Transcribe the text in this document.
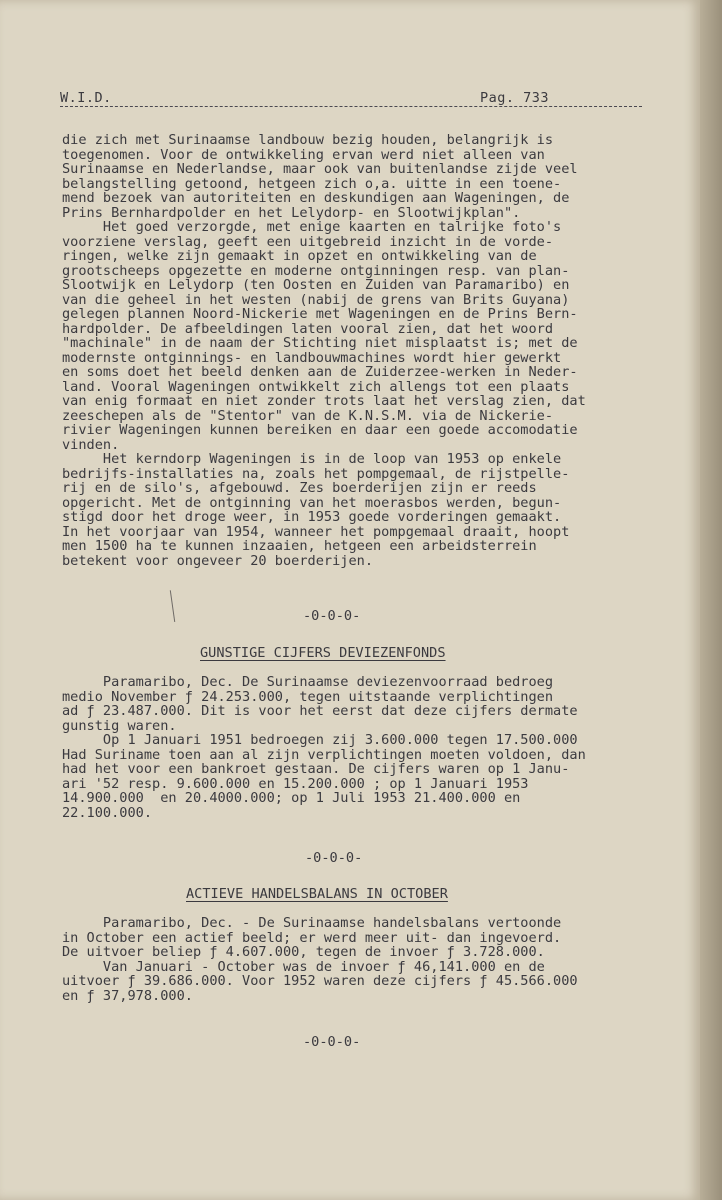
W.I.D.	Pag. 733
die zich met Surinaamse landbouw bezig houden, belangrijk is
toegenomen. Voor de ontwikkeling ervan werd niet alleen van
Surinaamse en Nederlandse, maar ook van buitenlandse zijde veel
belangstelling getoond, hetgeen zich o,a. uitte in een toene-
mend bezoek van autoriteiten en deskundigen aan Wageningen, de
Prins Bernhardpolder en het Lelydorp- en Slootwijkplan".
Het goed verzorgde, met enige kaarten en talrijke foto's
voorziene verslag, geeft een uitgebreid inzicht in de vorde-
ringen, welke zijn gemaakt in opzet en ontwikkeling van de
grootscheeps opgezette en moderne ontginningen resp. van plan-
Slootwijk en Lelydorp (ten Oosten en Zuiden van Paramaribo) en
van die geheel in het westen (nabij de grens van Brits Guyana)
gelegen plannen Noord-Nickerie met Wageningen en de Prins Bern-
hardpolder. De afbeeldingen laten vooral zien, dat het woord
"machinale" in de naam der Stichting niet misplaatst is; met de
modernste ontginnings- en landbouwmachines wordt hier gewerkt
en soms doet het beeld denken aan de Zuiderzee-werken in Neder-
land. Vooral Wageningen ontwikkelt zich allengs tot een plaats
van enig formaat en niet zonder trots laat het verslag zien, dat
zeeschepen als de "Stentor" van de K.N.S.M. via de Nickerie-
rivier Wageningen kunnen bereiken en daar een goede accomodatie
vinden.
Het kerndorp Wageningen is in de loop van 1953 op enkele
bedrijfs-installaties na, zoals het pompgemaal, de rijstpelle-
rij en de silo's, afgebouwd. Zes boerderijen zijn er reeds
opgericht. Met de ontginning van het moerasbos werden, begun-
stigd door het droge weer, in 1953 goede vorderingen gemaakt.
In het voorjaar van 1954, wanneer het pompgemaal draait, hoopt
men 1500 ha te kunnen inzaaien, hetgeen een arbeidsterrein
betekent voor ongeveer 20 boerderijen.
-0-0-0-
GUNSTIGE CIJFERS DEVIEZENFONDS
Paramaribo, Dec. De Surinaamse deviezenvoorraad bedroeg
medio November ƒ 24.253.000, tegen uitstaande verplichtingen
ad ƒ 23.487.000. Dit is voor het eerst dat deze cijfers dermate
gunstig waren.
Op 1 Januari 1951 bedroegen zij 3.600.000 tegen 17.500.000
Had Suriname toen aan al zijn verplichtingen moeten voldoen, dan
had het voor een bankroet gestaan. De cijfers waren op 1 Janu-
ari '52 resp. 9.600.000 en 15.200.000 ; op 1 Januari 1953
14.900.000  en 20.4000.000; op 1 Juli 1953 21.400.000 en
22.100.000.
-0-0-0-
ACTIEVE HANDELSBALANS IN OCTOBER
Paramaribo, Dec. - De Surinaamse handelsbalans vertoonde
in October een actief beeld; er werd meer uit- dan ingevoerd.
De uitvoer beliep ƒ 4.607.000, tegen de invoer ƒ 3.728.000.
Van Januari - October was de invoer ƒ 46,141.000 en de
uitvoer ƒ 39.686.000. Voor 1952 waren deze cijfers ƒ 45.566.000
en ƒ 37,978.000.
-0-0-0-
